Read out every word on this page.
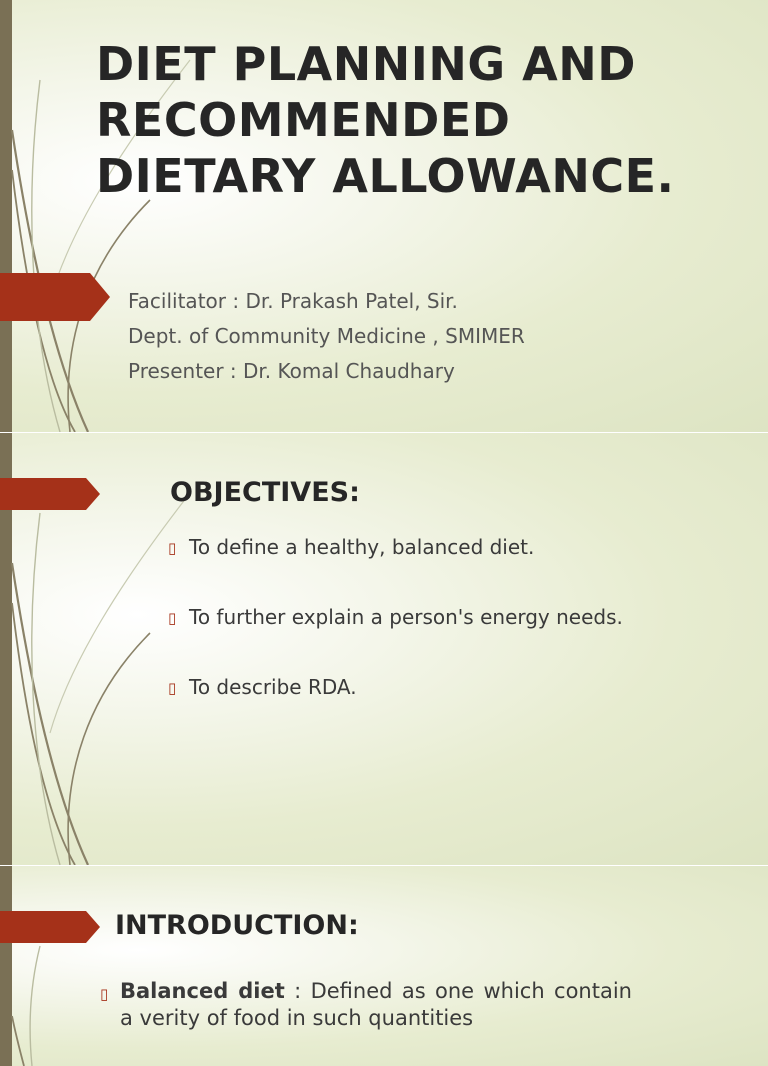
DIET PLANNING AND RECOMMENDED DIETARY ALLOWANCE.
Facilitator : Dr. Prakash Patel, Sir.
Dept. of Community Medicine , SMIMER
Presenter : Dr. Komal Chaudhary
OBJECTIVES:
▯ To define a healthy, balanced diet.
▯ To further explain a person's energy needs.
▯ To describe RDA.
INTRODUCTION:
▯ Balanced diet : Defined as one which contain a verity of food in such quantities
